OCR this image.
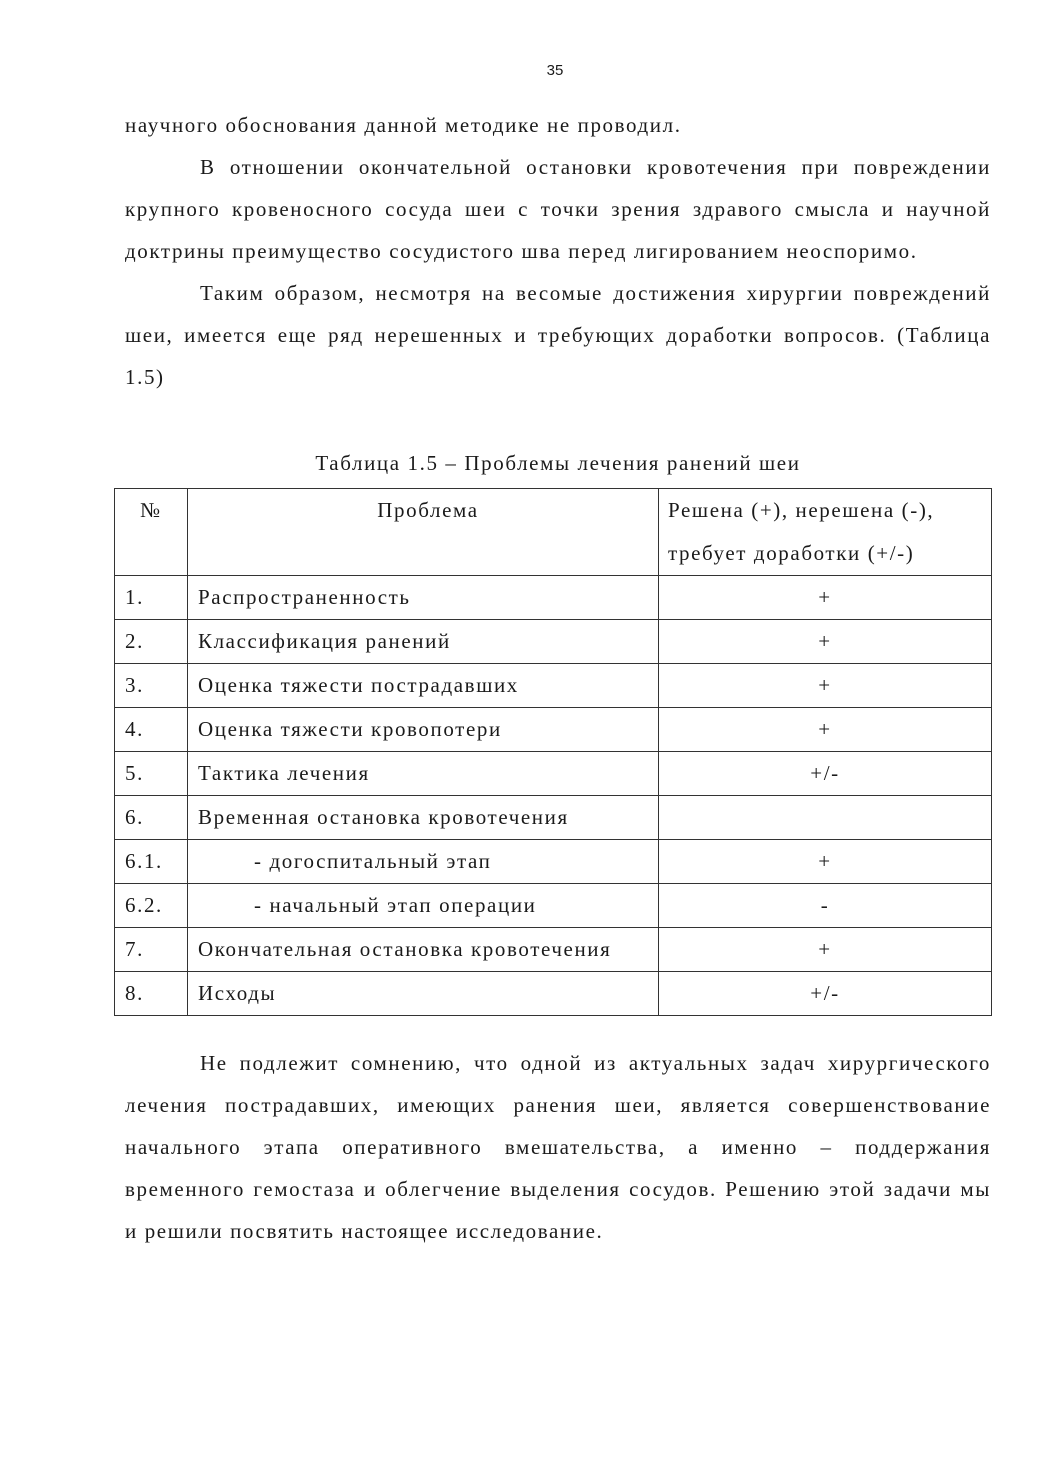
35

научного обоснования данной методике не проводил.

В отношении окончательной остановки кровотечения при повреждении крупного кровеносного сосуда шеи с точки зрения здравого смысла и научной доктрины преимущество сосудистого шва перед лигированием неоспоримо.

Таким образом, несмотря на весомые достижения хирургии повреждений шеи, имеется еще ряд нерешенных и требующих доработки вопросов. (Таблица 1.5)

Таблица 1.5 – Проблемы лечения ранений шеи
№	Проблема	Решена (+), нерешена (-), требует доработки (+/-)
1.	Распространенность	+
2.	Классификация ранений	+
3.	Оценка тяжести пострадавших	+
4.	Оценка тяжести кровопотери	+
5.	Тактика лечения	+/-
6.	Временная остановка кровотечения	
6.1.	- догоспитальный этап	+
6.2.	- начальный этап операции	-
7.	Окончательная остановка кровотечения	+
8.	Исходы	+/-

Не подлежит сомнению, что одной из актуальных задач хирургического лечения пострадавших, имеющих ранения шеи, является совершенствование начального этапа оперативного вмешательства, а именно – поддержания временного гемостаза и облегчение выделения сосудов. Решению этой задачи мы и решили посвятить настоящее исследование.
